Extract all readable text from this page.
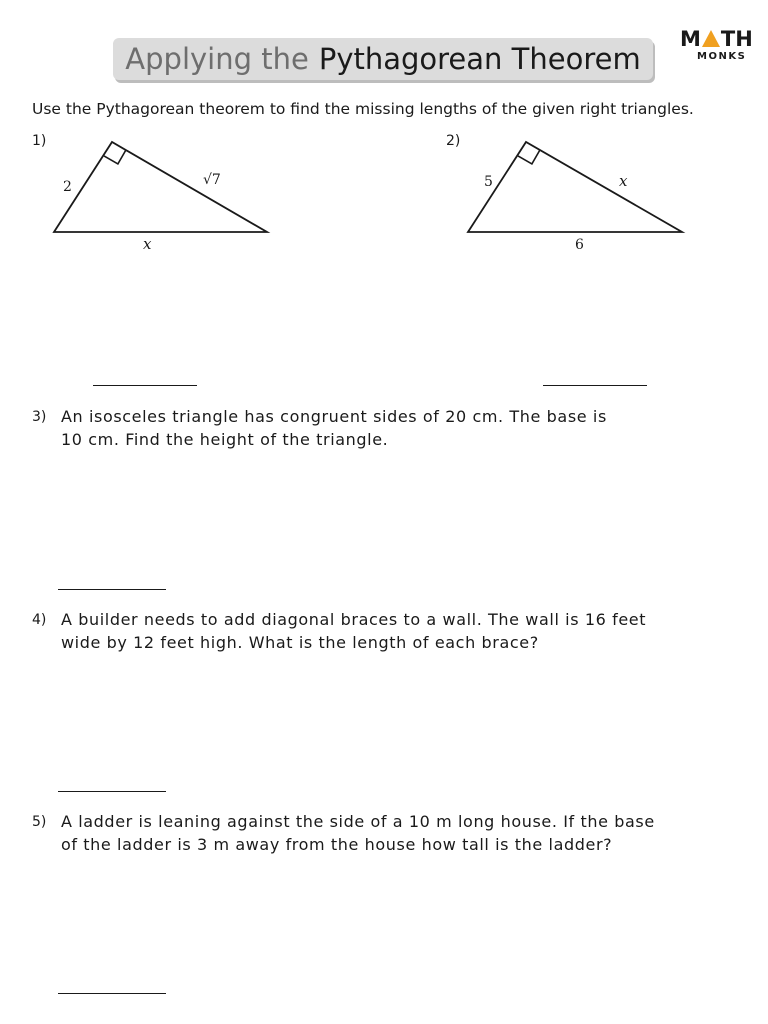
Applying the Pythagorean Theorem
M TH
MONKS
Use the Pythagorean theorem to find the missing lengths of the given right triangles.
1)
2	√7
x
2)
5	x
6
3) An isosceles triangle has congruent sides of 20 cm. The base is
10 cm. Find the height of the triangle.
4) A builder needs to add diagonal braces to a wall. The wall is 16 feet
wide by 12 feet high. What is the length of each brace?
5) A ladder is leaning against the side of a 10 m long house. If the base
of the ladder is 3 m away from the house how tall is the ladder?
